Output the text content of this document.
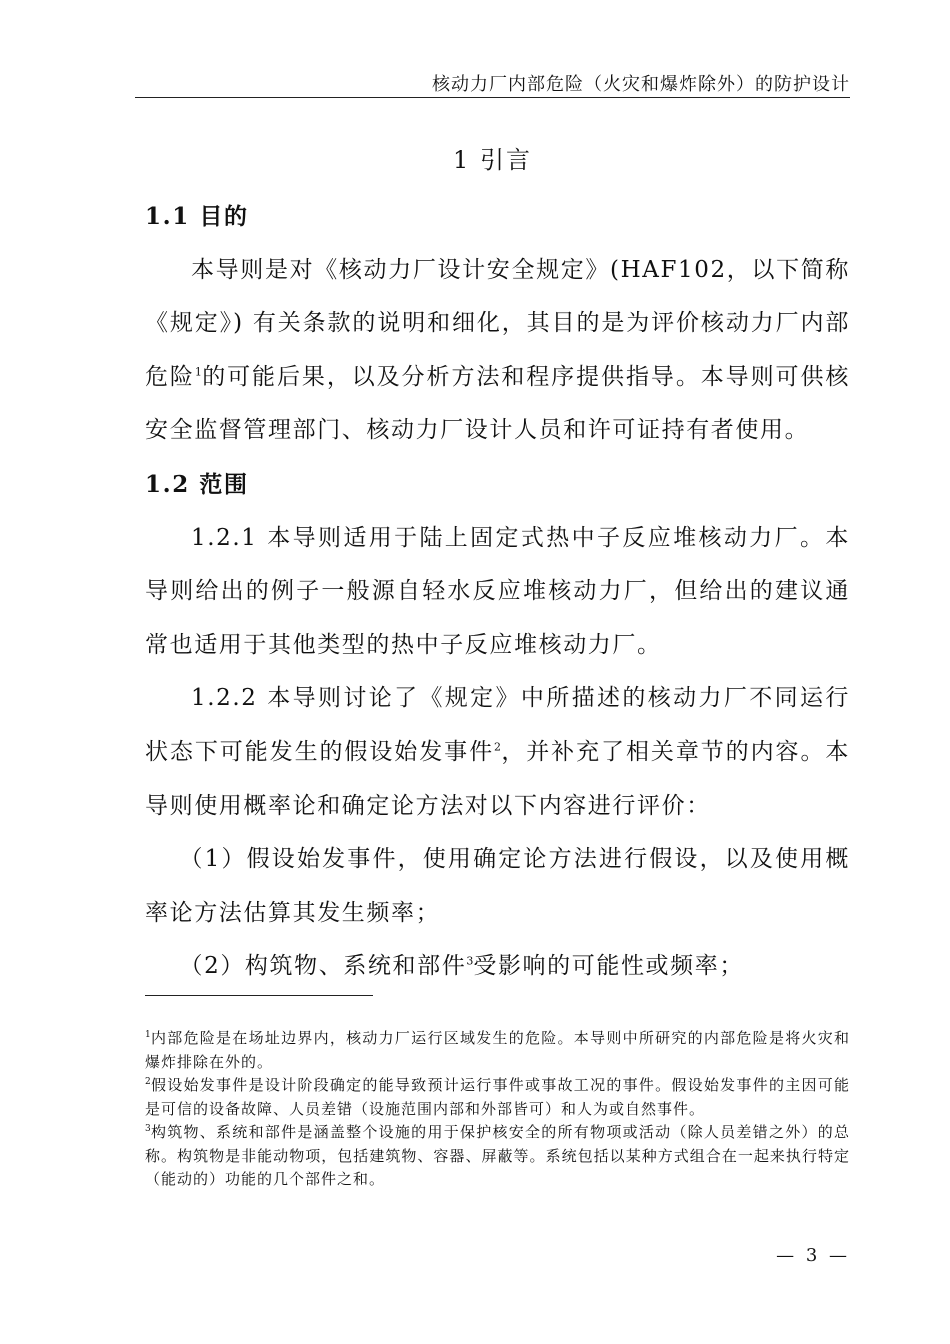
核动力厂内部危险（火灾和爆炸除外）的防护设计
1 引言

1.1 目的

本导则是对《核动力厂设计安全规定》(HAF102，以下简称《规定》) 有关条款的说明和细化，其目的是为评价核动力厂内部危险$^1$的可能后果，以及分析方法和程序提供指导。本导则可供核安全监督管理部门、核动力厂设计人员和许可证持有者使用。

1.2 范围

1.2.1 本导则适用于陆上固定式热中子反应堆核动力厂。本导则给出的例子一般源自轻水反应堆核动力厂，但给出的建议通常也适用于其他类型的热中子反应堆核动力厂。

1.2.2 本导则讨论了《规定》中所描述的核动力厂不同运行状态下可能发生的假设始发事件$^2$，并补充了相关章节的内容。本导则使用概率论和确定论方法对以下内容进行评价：

（1）假设始发事件，使用确定论方法进行假设，以及使用概率论方法估算其发生频率；

（2）构筑物、系统和部件$^3$受影响的可能性或频率；

$^1$内部危险是在场址边界内，核动力厂运行区域发生的危险。本导则中所研究的内部危险是将火灾和爆炸排除在外的。

$^2$假设始发事件是设计阶段确定的能导致预计运行事件或事故工况的事件。假设始发事件的主因可能是可信的设备故障、人员差错（设施范围内部和外部皆可）和人为或自然事件。

$^3$构筑物、系统和部件是涵盖整个设施的用于保护核安全的所有物项或活动（除人员差错之外）的总称。构筑物是非能动物项，包括建筑物、容器、屏蔽等。系统包括以某种方式组合在一起来执行特定（能动的）功能的几个部件之和。

— 3 —
